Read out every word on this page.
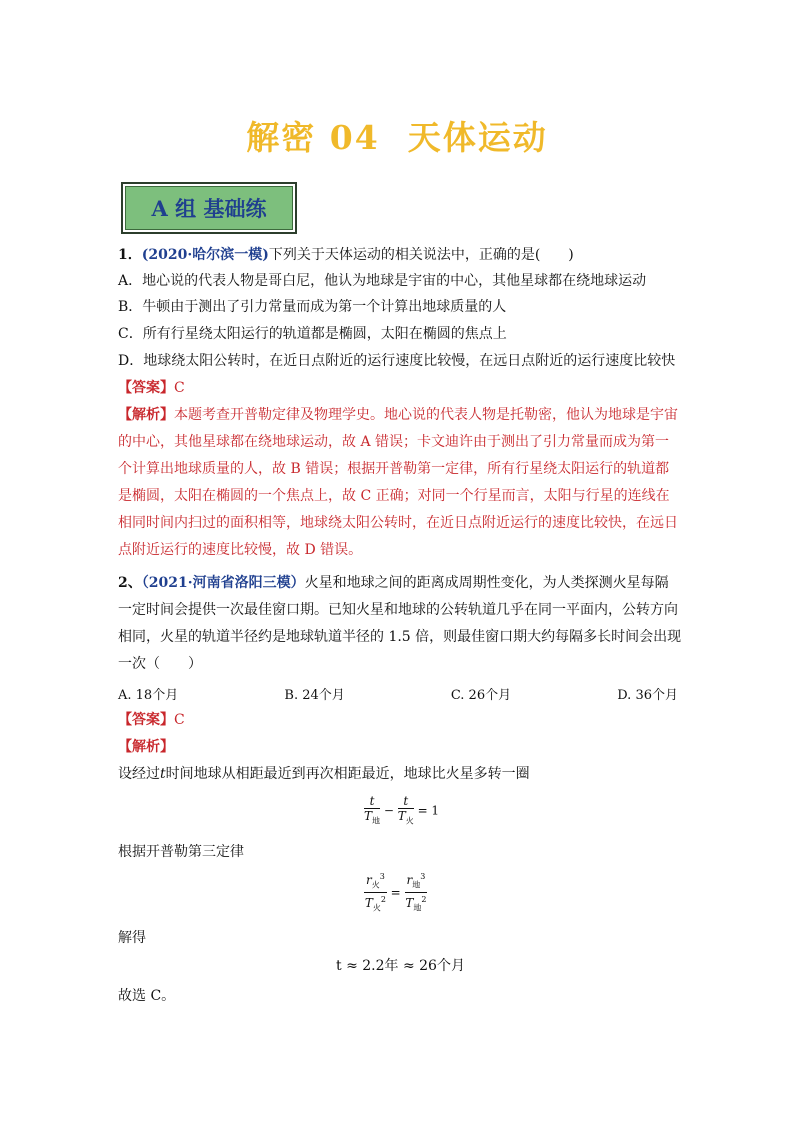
解密 04 天体运动
A 组 基础练
1．(2020·哈尔滨一模)下列关于天体运动的相关说法中，正确的是(　　)
A．地心说的代表人物是哥白尼，他认为地球是宇宙的中心，其他星球都在绕地球运动
B．牛顿由于测出了引力常量而成为第一个计算出地球质量的人
C．所有行星绕太阳运行的轨道都是椭圆，太阳在椭圆的焦点上
D．地球绕太阳公转时，在近日点附近的运行速度比较慢，在远日点附近的运行速度比较快
【答案】C
【解析】本题考查开普勒定律及物理学史。地心说的代表人物是托勒密，他认为地球是宇宙
的中心，其他星球都在绕地球运动，故 A 错误；卡文迪许由于测出了引力常量而成为第一
个计算出地球质量的人，故 B 错误；根据开普勒第一定律，所有行星绕太阳运行的轨道都
是椭圆，太阳在椭圆的一个焦点上，故 C 正确；对同一个行星而言，太阳与行星的连线在
相同时间内扫过的面积相等，地球绕太阳公转时，在近日点附近运行的速度比较快，在远日
点附近运行的速度比较慢，故 D 错误。
2、（2021·河南省洛阳三模）火星和地球之间的距离成周期性变化，为人类探测火星每隔
一定时间会提供一次最佳窗口期。已知火星和地球的公转轨道几乎在同一平面内，公转方向
相同，火星的轨道半径约是地球轨道半径的 1.5 倍，则最佳窗口期大约每隔多长时间会出现
一次（　　）
A. 18个月	B. 24个月	C. 26个月	D. 36个月
【答案】C
【解析】
设经过t时间地球从相距最近到再次相距最近，地球比火星多转一圈
$\frac{t}{T_地} - \frac{t}{T_火} = 1$
根据开普勒第三定律
$\frac{r_火^3}{T_火^2} = \frac{r_地^3}{T_地^2}$
解得
t ≈ 2.2年 ≈ 26个月
故选 C。
